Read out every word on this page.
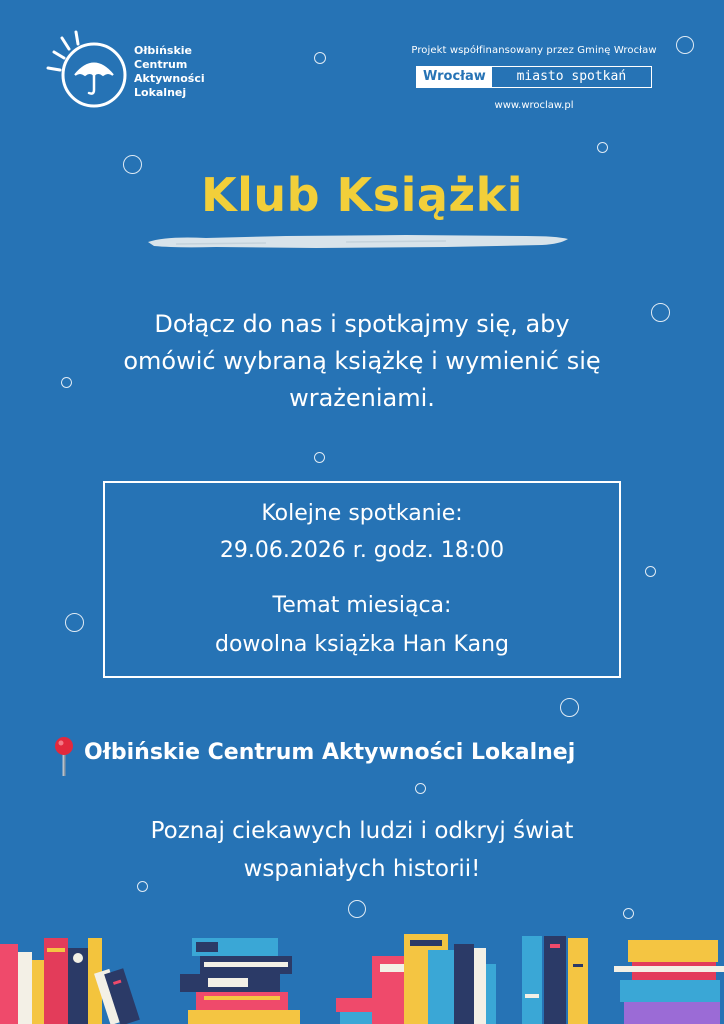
Ołbińskie
Centrum
Aktywności
Lokalnej
Projekt współfinansowany przez Gminę Wrocław
Wrocław	miasto spotkań
www.wroclaw.pl
Klub Książki
Dołącz do nas i spotkajmy się, aby
omówić wybraną książkę i wymienić się
wrażeniami.
Kolejne spotkanie:
29.06.2026 r. godz. 18:00
Temat miesiąca:
dowolna książka Han Kang
Ołbińskie Centrum Aktywności Lokalnej
Poznaj ciekawych ludzi i odkryj świat
wspaniałych historii!
